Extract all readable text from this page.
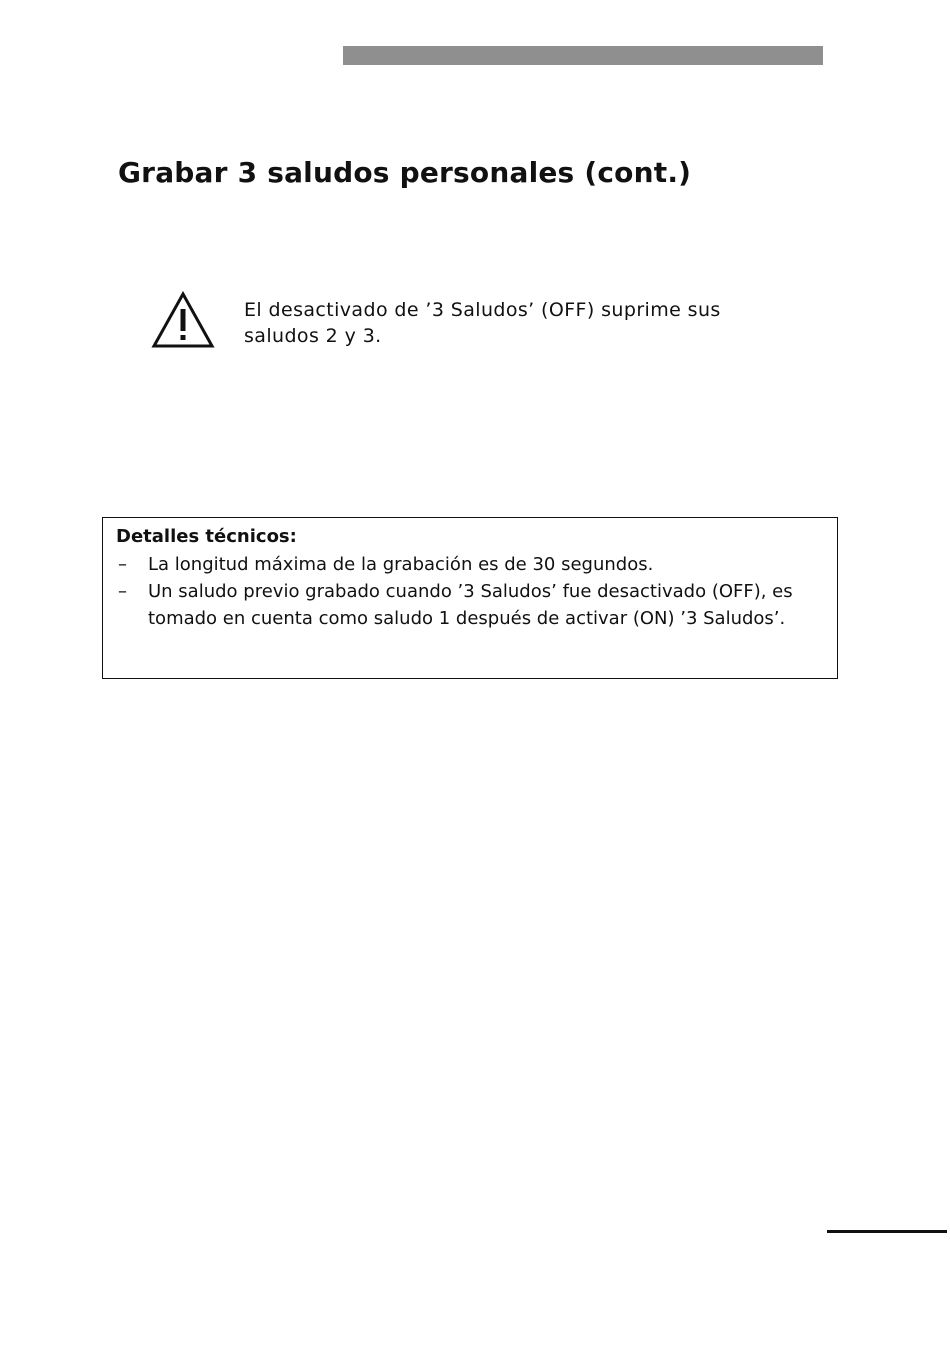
Grabar 3 saludos personales (cont.)

El desactivado de ’3 Saludos’ (OFF) suprime sus saludos 2 y 3.

Detalles técnicos:
– La longitud máxima de la grabación es de 30 segundos.
– Un saludo previo grabado cuando ’3 Saludos’ fue desactivado (OFF), es tomado en cuenta como saludo 1 después de activar (ON) ’3 Saludos’.
